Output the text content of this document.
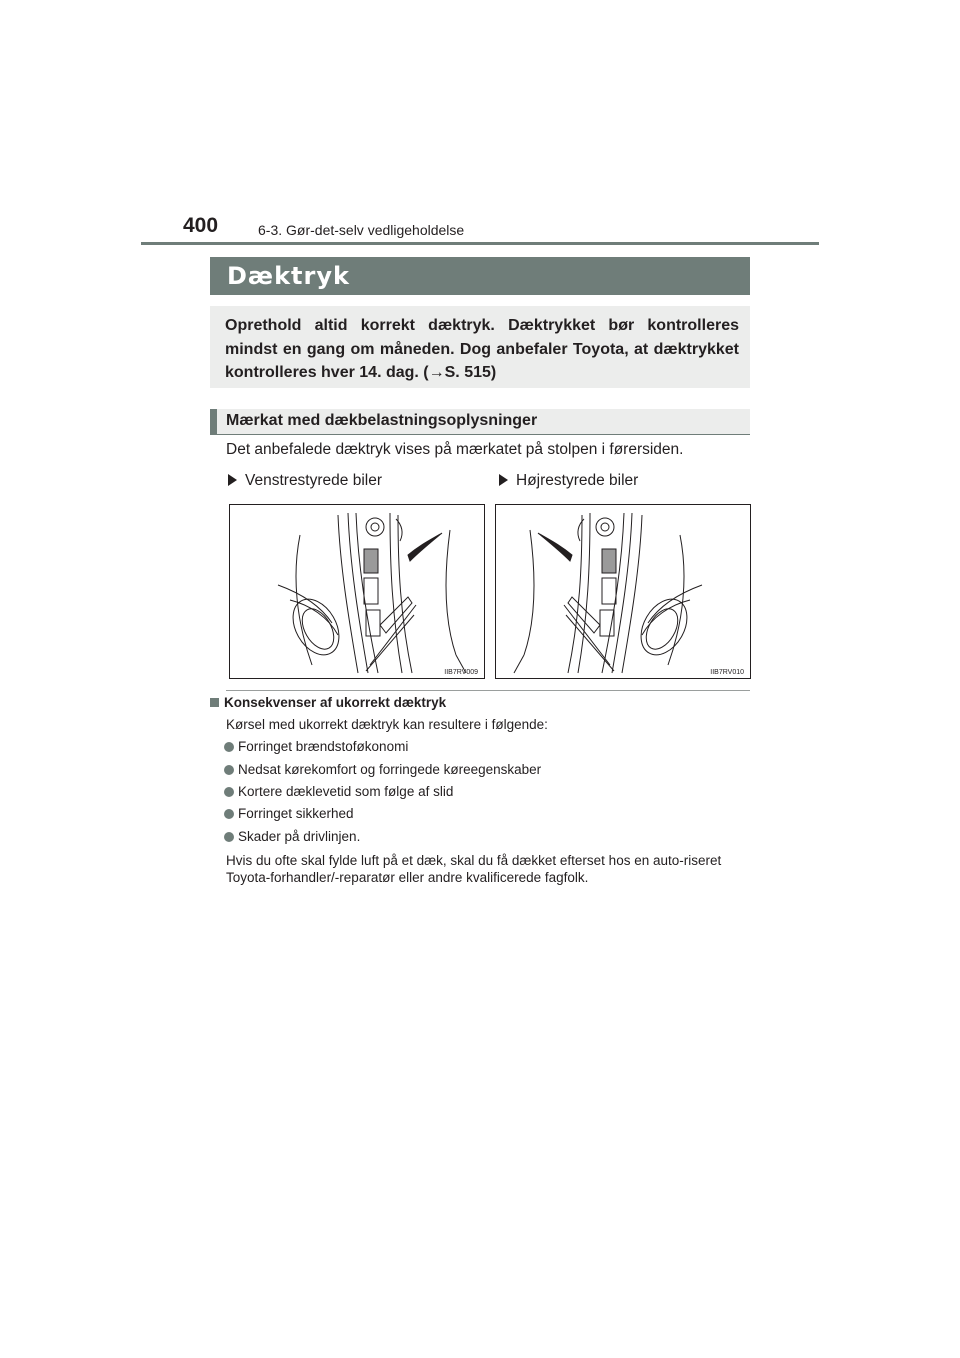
400	6-3. Gør-det-selv vedligeholdelse
Dæktryk

Oprethold altid korrekt dæktryk. Dæktrykket bør kontrolleres mindst en gang om måneden. Dog anbefaler Toyota, at dæktrykket kontrolleres hver 14. dag. (→S. 515)

Mærkat med dækbelastningsoplysninger
Det anbefalede dæktryk vises på mærkatet på stolpen i førersiden.
Venstrestyrede biler	Højrestyrede biler
IIB7RV009	IIB7RV010
Konsekvenser af ukorrekt dæktryk
Kørsel med ukorrekt dæktryk kan resultere i følgende:
Forringet brændstoføkonomi
Nedsat kørekomfort og forringede køreegenskaber
Kortere dæklevetid som følge af slid
Forringet sikkerhed
Skader på drivlinjen.

Hvis du ofte skal fylde luft på et dæk, skal du få dækket efterset hos en auto-riseret Toyota-forhandler/-reparatør eller andre kvalificerede fagfolk.
